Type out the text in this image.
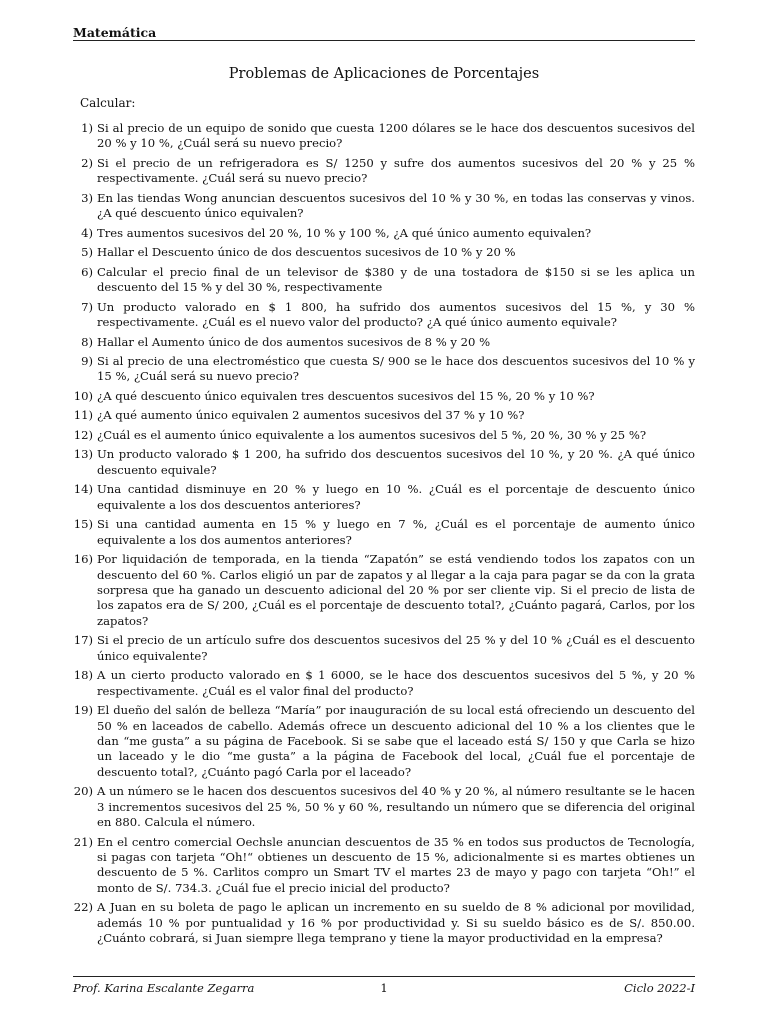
Matemática
Problemas de Aplicaciones de Porcentajes
Calcular:
1) Si al precio de un equipo de sonido que cuesta 1200 dólares se le hace dos descuentos sucesivos del 20 % y 10 %, ¿Cuál será su nuevo precio?
2) Si el precio de un refrigeradora es S/ 1250 y sufre dos aumentos sucesivos del 20 % y 25 % respectivamente. ¿Cuál será su nuevo precio?
3) En las tiendas Wong anuncian descuentos sucesivos del 10 % y 30 %, en todas las conservas y vinos. ¿A qué descuento único equivalen?
4) Tres aumentos sucesivos del 20 %, 10 % y 100 %, ¿A qué único aumento equivalen?
5) Hallar el Descuento único de dos descuentos sucesivos de 10 % y 20 %
6) Calcular el precio final de un televisor de $380 y de una tostadora de $150 si se les aplica un descuento del 15 % y del 30 %, respectivamente
7) Un producto valorado en $ 1 800, ha sufrido dos aumentos sucesivos del 15 %, y 30 % respectivamente. ¿Cuál es el nuevo valor del producto? ¿A qué único aumento equivale?
8) Hallar el Aumento único de dos aumentos sucesivos de 8 % y 20 %
9) Si al precio de una electroméstico que cuesta S/ 900 se le hace dos descuentos sucesivos del 10 % y 15 %, ¿Cuál será su nuevo precio?
10) ¿A qué descuento único equivalen tres descuentos sucesivos del 15 %, 20 % y 10 %?
11) ¿A qué aumento único equivalen 2 aumentos sucesivos del 37 % y 10 %?
12) ¿Cuál es el aumento único equivalente a los aumentos sucesivos del 5 %, 20 %, 30 % y 25 %?
13) Un producto valorado $ 1 200, ha sufrido dos descuentos sucesivos del 10 %, y 20 %. ¿A qué único descuento equivale?
14) Una cantidad disminuye en 20 % y luego en 10 %. ¿Cuál es el porcentaje de descuento único equivalente a los dos descuentos anteriores?
15) Si una cantidad aumenta en 15 % y luego en 7 %, ¿Cuál es el porcentaje de aumento único equivalente a los dos aumentos anteriores?
16) Por liquidación de temporada, en la tienda “Zapatón” se está vendiendo todos los zapatos con un descuento del 60 %. Carlos eligió un par de zapatos y al llegar a la caja para pagar se da con la grata sorpresa que ha ganado un descuento adicional del 20 % por ser cliente vip. Si el precio de lista de los zapatos era de S/ 200, ¿Cuál es el porcentaje de descuento total?, ¿Cuánto pagará, Carlos, por los zapatos?
17) Si el precio de un artículo sufre dos descuentos sucesivos del 25 % y del 10 % ¿Cuál es el descuento único equivalente?
18) A un cierto producto valorado en $ 1 6000, se le hace dos descuentos sucesivos del 5 %, y 20 % respectivamente. ¿Cuál es el valor final del producto?
19) El dueño del salón de belleza “María” por inauguración de su local está ofreciendo un descuento del 50 % en laceados de cabello. Además ofrece un descuento adicional del 10 % a los clientes que le dan “me gusta” a su página de Facebook. Si se sabe que el laceado está S/ 150 y que Carla se hizo un laceado y le dio “me gusta” a la página de Facebook del local, ¿Cuál fue el porcentaje de descuento total?, ¿Cuánto pagó Carla por el laceado?
20) A un número se le hacen dos descuentos sucesivos del 40 % y 20 %, al número resultante se le hacen 3 incrementos sucesivos del 25 %, 50 % y 60 %, resultando un número que se diferencia del original en 880. Calcula el número.
21) En el centro comercial Oechsle anuncian descuentos de 35 % en todos sus productos de Tecnología, si pagas con tarjeta “Oh!“ obtienes un descuento de 15 %, adicionalmente si es martes obtienes un descuento de 5 %. Carlitos compro un Smart TV el martes 23 de mayo y pago con tarjeta “Oh!” el monto de S/. 734.3. ¿Cuál fue el precio inicial del producto?
22) A Juan en su boleta de pago le aplican un incremento en su sueldo de 8 % adicional por movilidad, además 10 % por puntualidad y 16 % por productividad y. Si su sueldo básico es de S/. 850.00. ¿Cuánto cobrará, si Juan siempre llega temprano y tiene la mayor productividad en la empresa?
Prof. Karina Escalante Zegarra	1	Ciclo 2022-I
